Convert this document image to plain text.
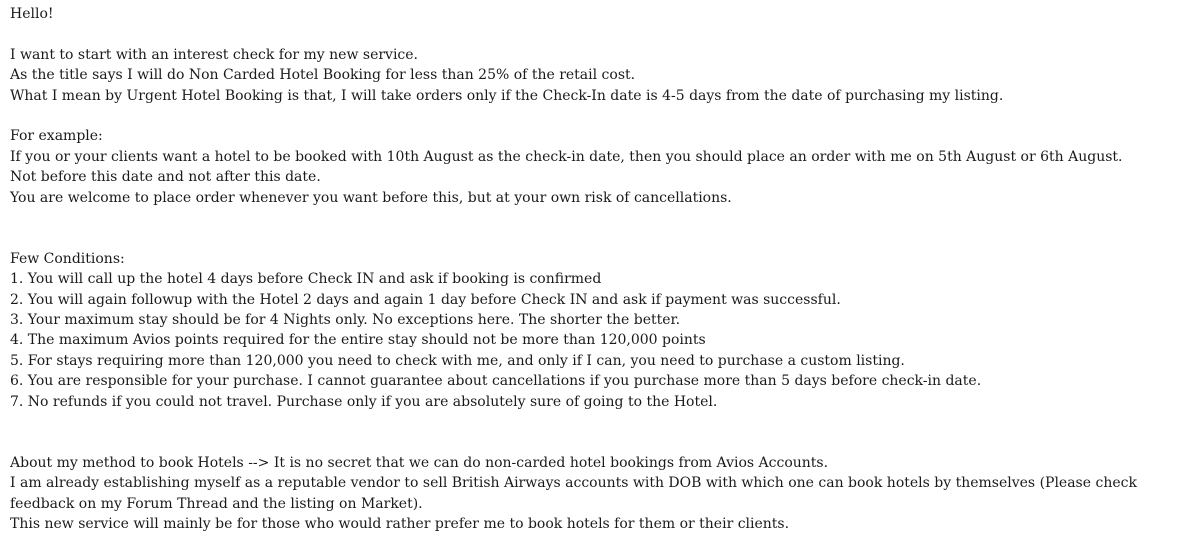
Hello!
I want to start with an interest check for my new service.
As the title says I will do Non Carded Hotel Booking for less than 25% of the retail cost.
What I mean by Urgent Hotel Booking is that, I will take orders only if the Check-In date is 4-5 days from the date of purchasing my listing.
For example:
If you or your clients want a hotel to be booked with 10th August as the check-in date, then you should place an order with me on 5th August or 6th August.
Not before this date and not after this date.
You are welcome to place order whenever you want before this, but at your own risk of cancellations.
Few Conditions:
1. You will call up the hotel 4 days before Check IN and ask if booking is confirmed
2. You will again followup with the Hotel 2 days and again 1 day before Check IN and ask if payment was successful.
3. Your maximum stay should be for 4 Nights only. No exceptions here. The shorter the better.
4. The maximum Avios points required for the entire stay should not be more than 120,000 points
5. For stays requiring more than 120,000 you need to check with me, and only if I can, you need to purchase a custom listing.
6. You are responsible for your purchase. I cannot guarantee about cancellations if you purchase more than 5 days before check-in date.
7. No refunds if you could not travel. Purchase only if you are absolutely sure of going to the Hotel.
About my method to book Hotels --> It is no secret that we can do non-carded hotel bookings from Avios Accounts.
I am already establishing myself as a reputable vendor to sell British Airways accounts with DOB with which one can book hotels by themselves (Please check feedback on my Forum Thread and the listing on Market).
This new service will mainly be for those who would rather prefer me to book hotels for them or their clients.
